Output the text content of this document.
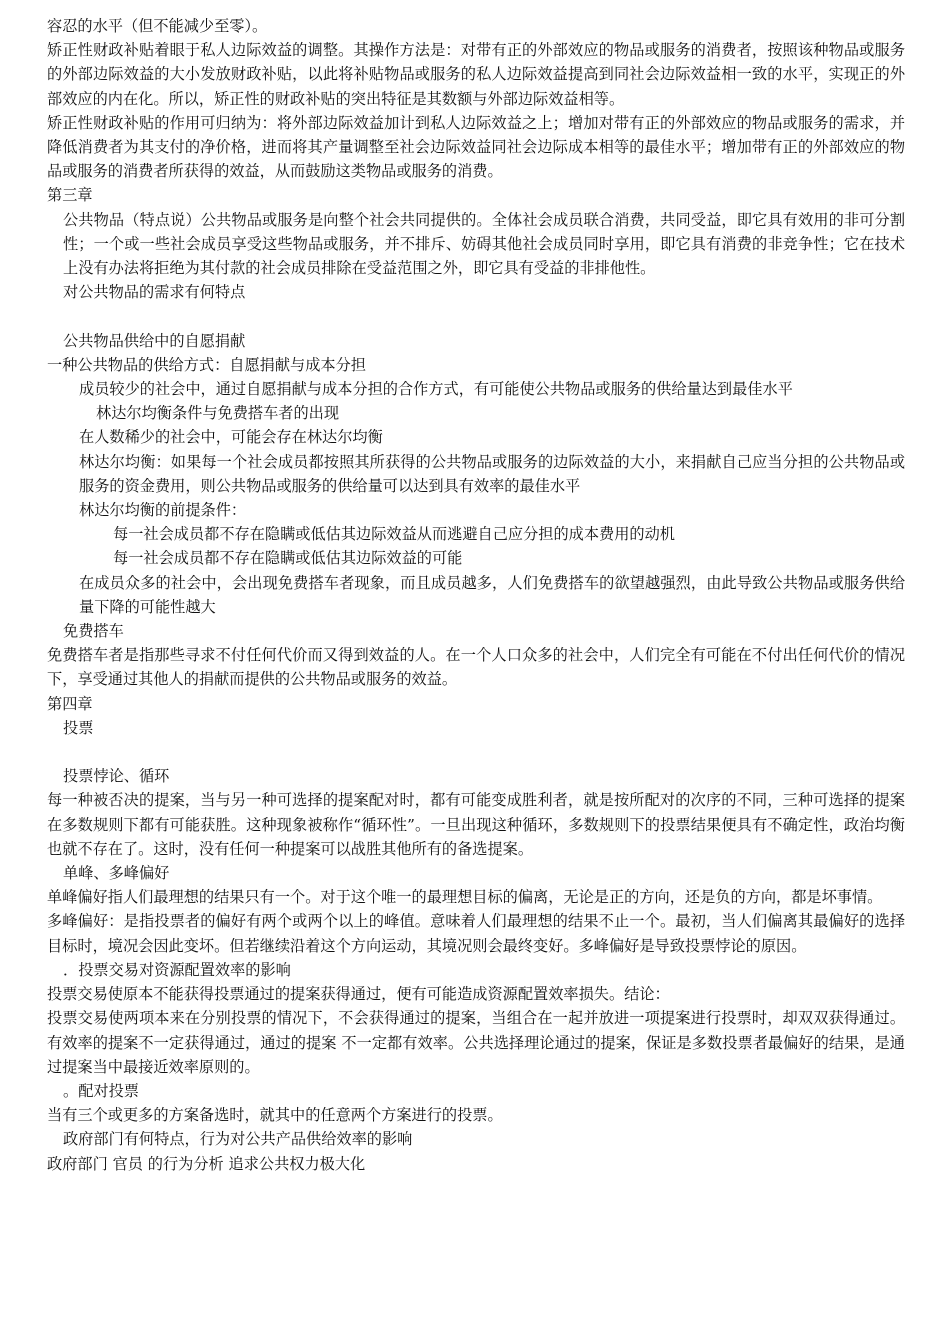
容忍的水平（但不能减少至零）。

矫正性财政补贴着眼于私人边际效益的调整。其操作方法是：对带有正的外部效应的物品或服务的消费者，按照该种物品或服务的外部边际效益的大小发放财政补贴，以此将补贴物品或服务的私人边际效益提高到同社会边际效益相一致的水平，实现正的外部效应的内在化。所以，矫正性的财政补贴的突出特征是其数额与外部边际效益相等。

矫正性财政补贴的作用可归纳为：将外部边际效益加计到私人边际效益之上；增加对带有正的外部效应的物品或服务的需求，并降低消费者为其支付的净价格，进而将其产量调整至社会边际效益同社会边际成本相等的最佳水平；增加带有正的外部效应的物品或服务的消费者所获得的效益，从而鼓励这类物品或服务的消费。

第三章

公共物品（特点说）公共物品或服务是向整个社会共同提供的。全体社会成员联合消费，共同受益，即它具有效用的非可分割性；一个或一些社会成员享受这些物品或服务，并不排斥、妨碍其他社会成员同时享用，即它具有消费的非竞争性；它在技术上没有办法将拒绝为其付款的社会成员排除在受益范围之外，即它具有受益的非排他性。

对公共物品的需求有何特点

公共物品供给中的自愿捐献

一种公共物品的供给方式：自愿捐献与成本分担

成员较少的社会中，通过自愿捐献与成本分担的合作方式，有可能使公共物品或服务的供给量达到最佳水平

林达尔均衡条件与免费搭车者的出现

在人数稀少的社会中，可能会存在林达尔均衡

林达尔均衡：如果每一个社会成员都按照其所获得的公共物品或服务的边际效益的大小，来捐献自己应当分担的公共物品或服务的资金费用，则公共物品或服务的供给量可以达到具有效率的最佳水平

林达尔均衡的前提条件：

每一社会成员都不存在隐瞒或低估其边际效益从而逃避自己应分担的成本费用的动机

每一社会成员都不存在隐瞒或低估其边际效益的可能

在成员众多的社会中，会出现免费搭车者现象，而且成员越多，人们免费搭车的欲望越强烈，由此导致公共物品或服务供给量下降的可能性越大

免费搭车

免费搭车者是指那些寻求不付任何代价而又得到效益的人。在一个人口众多的社会中，人们完全有可能在不付出任何代价的情况下，享受通过其他人的捐献而提供的公共物品或服务的效益。

第四章

投票

投票悖论、循环

每一种被否决的提案，当与另一种可选择的提案配对时，都有可能变成胜利者，就是按所配对的次序的不同，三种可选择的提案在多数规则下都有可能获胜。这种现象被称作“循环性”。一旦出现这种循环，多数规则下的投票结果便具有不确定性，政治均衡也就不存在了。这时，没有任何一种提案可以战胜其他所有的备选提案。

单峰、多峰偏好

单峰偏好指人们最理想的结果只有一个。对于这个唯一的最理想目标的偏离，无论是正的方向，还是负的方向，都是坏事情。

多峰偏好：是指投票者的偏好有两个或两个以上的峰值。意味着人们最理想的结果不止一个。最初，当人们偏离其最偏好的选择目标时，境况会因此变坏。但若继续沿着这个方向运动，其境况则会最终变好。多峰偏好是导致投票悖论的原因。

．投票交易对资源配置效率的影响

投票交易使原本不能获得投票通过的提案获得通过，便有可能造成资源配置效率损失。结论：

投票交易使两项本来在分别投票的情况下，不会获得通过的提案，当组合在一起并放进一项提案进行投票时，却双双获得通过。有效率的提案不一定获得通过，通过的提案 不一定都有效率。公共选择理论通过的提案，保证是多数投票者最偏好的结果，是通过提案当中最接近效率原则的。

。配对投票

当有三个或更多的方案备选时，就其中的任意两个方案进行的投票。

政府部门有何特点，行为对公共产品供给效率的影响

政府部门 官员 的行为分析 追求公共权力极大化
